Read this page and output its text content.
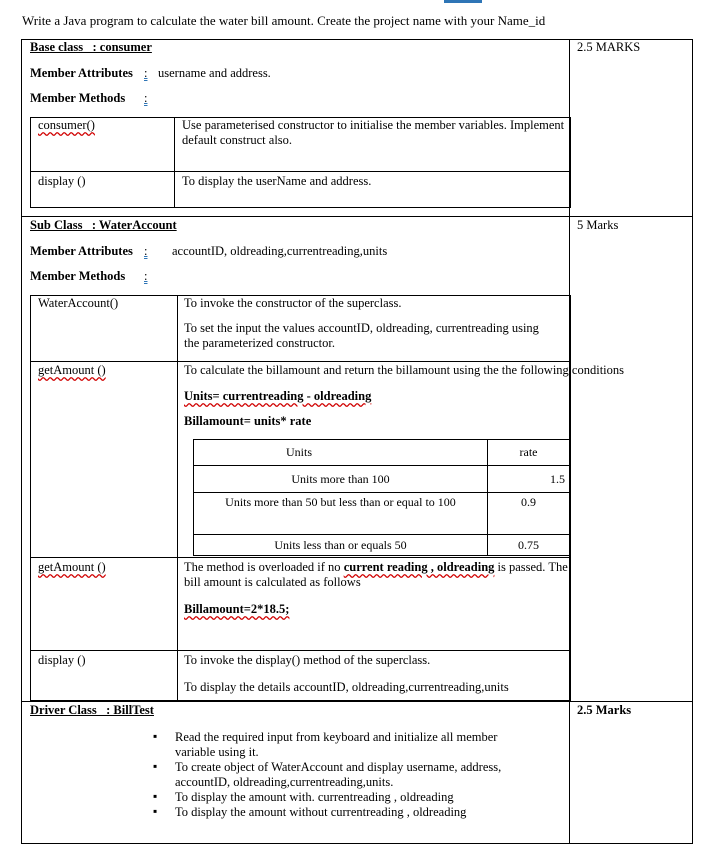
Write a Java program to calculate the water bill amount. Create the project name with your Name_id
Base class _: consumer	2.5 MARKS
Member Attributes : username and address.
Member Methods :
consumer()	Use parameterised constructor to initialise the member variables. Implement default construct also.
display ()	To display the userName and address.
Sub Class _: WaterAccount	5 Marks
Member Attributes : accountID, oldreading,currentreading,units
Member Methods :
WaterAccount()	To invoke the constructor of the superclass.
To set the input the values accountID, oldreading, currentreading using the parameterized constructor.
getAmount ()	To calculate the billamount and return the billamount using the the following conditions
Units= currentreading - oldreading
Billamount= units* rate
Units	rate
Units more than 100	1.5
Units more than 50 but less than or equal to 100	0.9
Units less than or equals 50	0.75
getAmount ()	The method is overloaded if no current reading , oldreading is passed. The bill amount is calculated as follows
Billamount=2*18.5;
display ()	To invoke the display() method of the superclass.
To display the details accountID, oldreading,currentreading,units
Driver Class _: BillTest	2.5 Marks
▪ Read the required input from keyboard and initialize all member variable using it.
▪ To create object of WaterAccount and display username, address, accountID, oldreading,currentreading,units.
▪ To display the amount with. currentreading , oldreading
▪ To display the amount without currentreading , oldreading
